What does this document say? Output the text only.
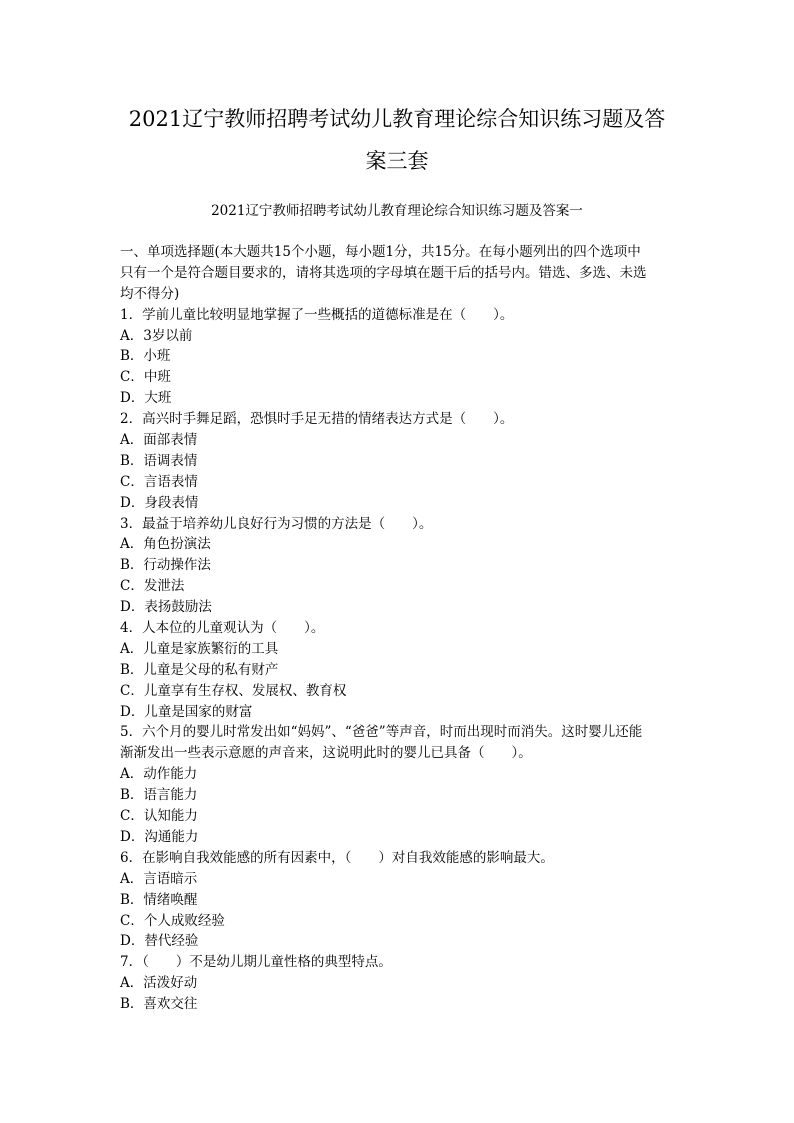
2021辽宁教师招聘考试幼儿教育理论综合知识练习题及答
案三套

2021辽宁教师招聘考试幼儿教育理论综合知识练习题及答案一

一、单项选择题(本大题共15个小题，每小题1分，共15分。在每小题列出的四个选项中
只有一个是符合题目要求的，请将其选项的字母填在题干后的括号内。错选、多选、未选
均不得分)
1．学前儿童比较明显地掌握了一些概括的道德标准是在（　　）。
A．3岁以前
B．小班
C．中班
D．大班
2．高兴时手舞足蹈，恐惧时手足无措的情绪表达方式是（　　）。
A．面部表情
B．语调表情
C．言语表情
D．身段表情
3．最益于培养幼儿良好行为习惯的方法是（　　）。
A．角色扮演法
B．行动操作法
C．发泄法
D．表扬鼓励法
4．人本位的儿童观认为（　　）。
A．儿童是家族繁衍的工具
B．儿童是父母的私有财产
C．儿童享有生存权、发展权、教育权
D．儿童是国家的财富
5．六个月的婴儿时常发出如“妈妈”、“爸爸”等声音，时而出现时而消失。这时婴儿还能
渐渐发出一些表示意愿的声音来，这说明此时的婴儿已具备（　　）。
A．动作能力
B．语言能力
C．认知能力
D．沟通能力
6．在影响自我效能感的所有因素中，（　　）对自我效能感的影响最大。
A．言语暗示
B．情绪唤醒
C．个人成败经验
D．替代经验
7．（　　）不是幼儿期儿童性格的典型特点。
A．活泼好动
B．喜欢交往
